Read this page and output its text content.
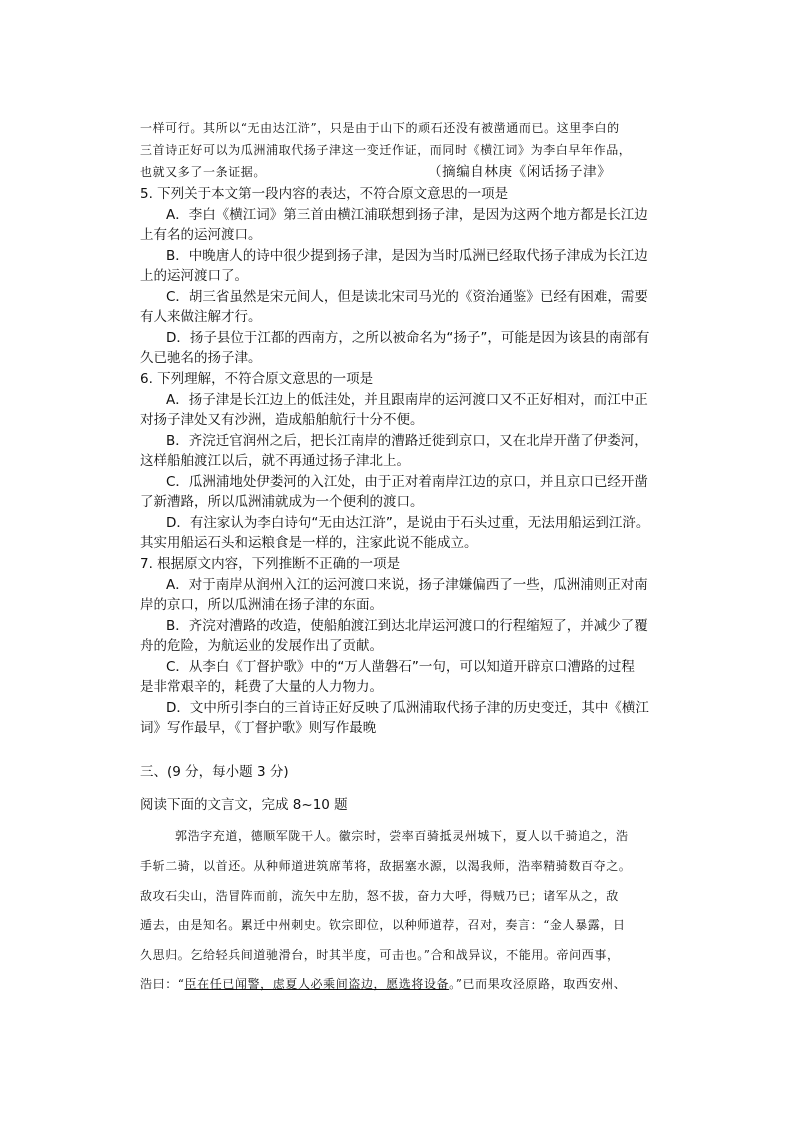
一样可行。其所以“无由达江浒”，只是由于山下的顽石还没有被凿通而已。这里李白的
三首诗正好可以为瓜洲浦取代扬子津这一变迁作证，而同时《横江词》为李白早年作品，
也就又多了一条证据。	（摘编自林庚《闲话扬子津》
5. 下列关于本文第一段内容的表达，不符合原文意思的一项是
A．李白《横江词》第三首由横江浦联想到扬子津，是因为这两个地方都是长江边
上有名的运河渡口。
B．中晚唐人的诗中很少提到扬子津，是因为当时瓜洲已经取代扬子津成为长江边
上的运河渡口了。
C．胡三省虽然是宋元间人，但是读北宋司马光的《资治通鉴》已经有困难，需要
有人来做注解才行。
D．扬子县位于江都的西南方，之所以被命名为“扬子”，可能是因为该县的南部有
久已驰名的扬子津。
6. 下列理解，不符合原文意思的一项是
A．扬子津是长江边上的低洼处，并且跟南岸的运河渡口又不正好相对，而江中正
对扬子津处又有沙洲，造成船舶航行十分不便。
B．齐浣迁官润州之后，把长江南岸的漕路迁徙到京口，又在北岸开凿了伊娄河，
这样船舶渡江以后，就不再通过扬子津北上。
C．瓜洲浦地处伊娄河的入江处，由于正对着南岸江边的京口，并且京口已经开凿
了新漕路，所以瓜洲浦就成为一个便利的渡口。
D．有注家认为李白诗句“无由达江浒”，是说由于石头过重，无法用船运到江浒。
其实用船运石头和运粮食是一样的，注家此说不能成立。
7. 根据原文内容，下列推断不正确的一项是
A．对于南岸从润州入江的运河渡口来说，扬子津嫌偏西了一些，瓜洲浦则正对南
岸的京口，所以瓜洲浦在扬子津的东面。
B．齐浣对漕路的改造，使船舶渡江到达北岸运河渡口的行程缩短了，并减少了覆
舟的危险，为航运业的发展作出了贡献。
C．从李白《丁督护歌》中的“万人凿磐石”一句，可以知道开辟京口漕路的过程
是非常艰辛的，耗费了大量的人力物力。
D．文中所引李白的三首诗正好反映了瓜洲浦取代扬子津的历史变迁，其中《横江
词》写作最早，《丁督护歌》则写作最晚
三、(9 分，每小题 3 分)
阅读下面的文言文，完成 8~10 题
郭浩字充道，德顺军陇干人。徽宗时，尝率百骑抵灵州城下，夏人以千骑追之，浩
手斩二骑，以首还。从种师道进筑席苇将，敌据塞水源，以渴我师，浩率精骑数百夺之。
敌攻石尖山，浩冒阵而前，流矢中左肋，怒不拔，奋力大呼，得贼乃已；诸军从之，敌
遁去，由是知名。累迁中州刺史。钦宗即位，以种师道荐，召对，奏言：“金人暴露，日
久思归。乞给轻兵间道驰滑台，时其半度，可击也。”合和战异议，不能用。帝问西事，
浩曰：“臣在任已闻警，虑夏人必乘间盗边，愿选将设备。”已而果攻泾原路，取西安州、
